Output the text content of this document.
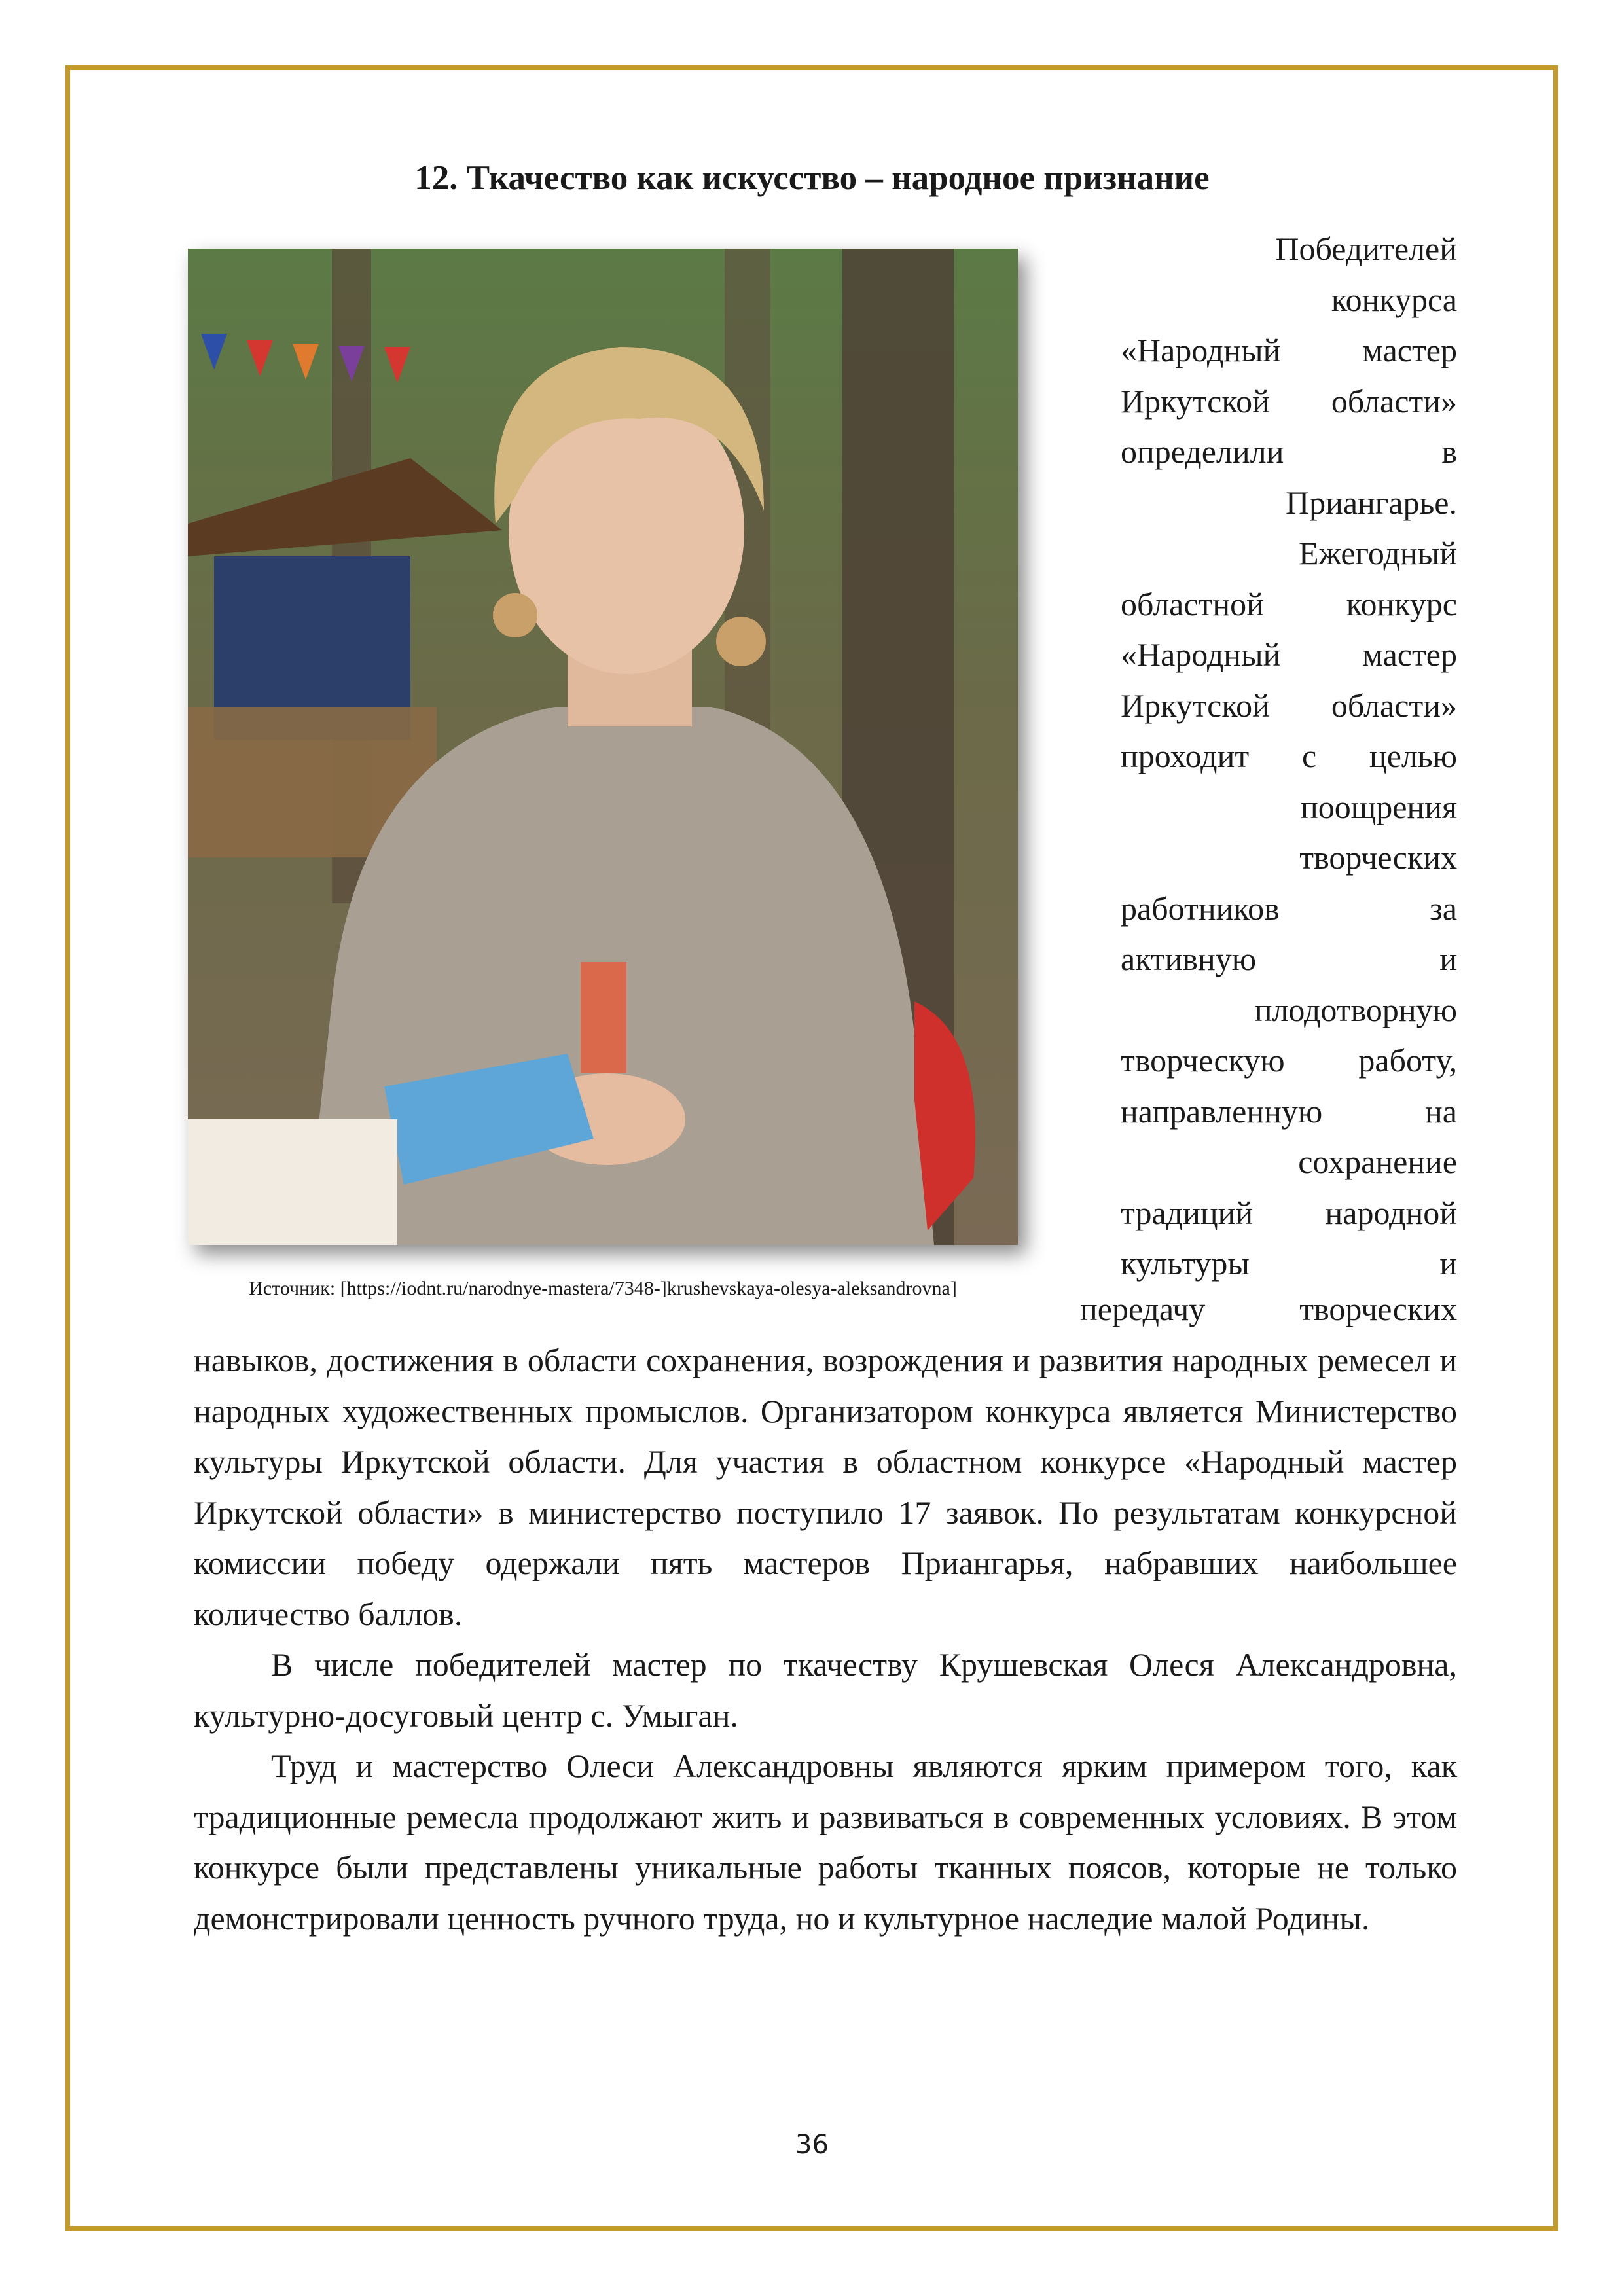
12. Ткачество как искусство – народное признание
Источник: [https://iodnt.ru/narodnye-mastera/7348-]krushevskaya-olesya-aleksandrovna]
Победителей
конкурса
«Народный мастер
Иркутской области»
определили в
Приангарье.
Ежегодный
областной конкурс
«Народный мастер
Иркутской области»
проходит с целью
поощрения
творческих
работников за
активную и
плодотворную
творческую работу,
направленную на
сохранение
традиций народной
культуры и
передачу творческих

навыков, достижения в области сохранения, возрождения и развития народных ремесел и народных художественных промыслов. Организатором конкурса является Министерство культуры Иркутской области. Для участия в областном конкурсе «Народный мастер Иркутской области» в министерство поступило 17 заявок. По результатам конкурсной комиссии победу одержали пять мастеров Приангарья, набравших наибольшее количество баллов.

В числе победителей мастер по ткачеству Крушевская Олеся Александровна, культурно-досуговый центр с. Умыган.

Труд и мастерство Олеси Александровны являются ярким примером того, как традиционные ремесла продолжают жить и развиваться в современных условиях. В этом конкурсе были представлены уникальные работы тканных поясов, которые не только демонстрировали ценность ручного труда, но и культурное наследие малой Родины.

36
